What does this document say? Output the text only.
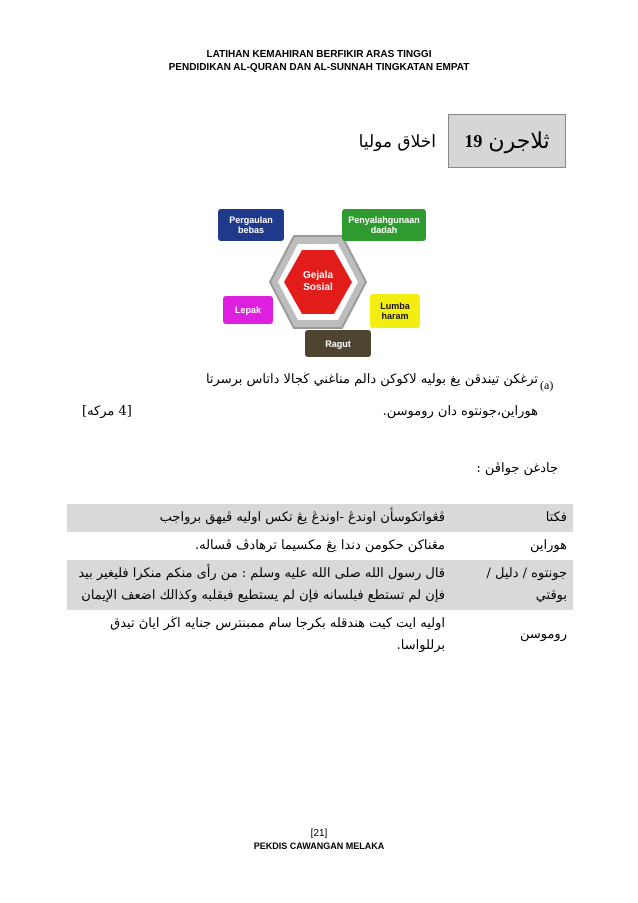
LATIHAN KEMAHIRAN BERFIKIR ARAS TINGGI
PENDIDIKAN AL-QURAN DAN AL-SUNNAH TINGKATAN EMPAT
ثلاجرن
19
اخلاق موليا
Gejala Sosial
Pergaulan bebas
Penyalahgunaan dadah
Lepak	Lumba haram
Ragut
(a)
ترغكن تيندقن يغ بوليه لاكوكن دالم مناغني ڬجالا داتاس برسرتا
هوراين،جونتوه دان روموسن.
[4 مرکه]
جادغن جواڤن :
فكتا	ڤڠواتكوسأن اوندڠ -اوندڠ يڠ تكس اوليه ڤيهق برواجب
هوراين	مڠناكن حكومن دندا يڠ مكسيما ترهادڤ ڤساله.
جونتوه / دليل / بوقتي	قال رسول الله صلى الله عليه وسلم : من رأى منكم منكرا فليغير بيد فإن لم تستطع فبلسانه فإن لم يستطيع فبقلبه وكذالك اضعف الإيمان
روموسن	اوليه ايت كيت هندقله بكرجا سام ممبنترس جنايه اڬر اياڽ تيدق برللواسا.
[21]
PEKDIS CAWANGAN MELAKA
